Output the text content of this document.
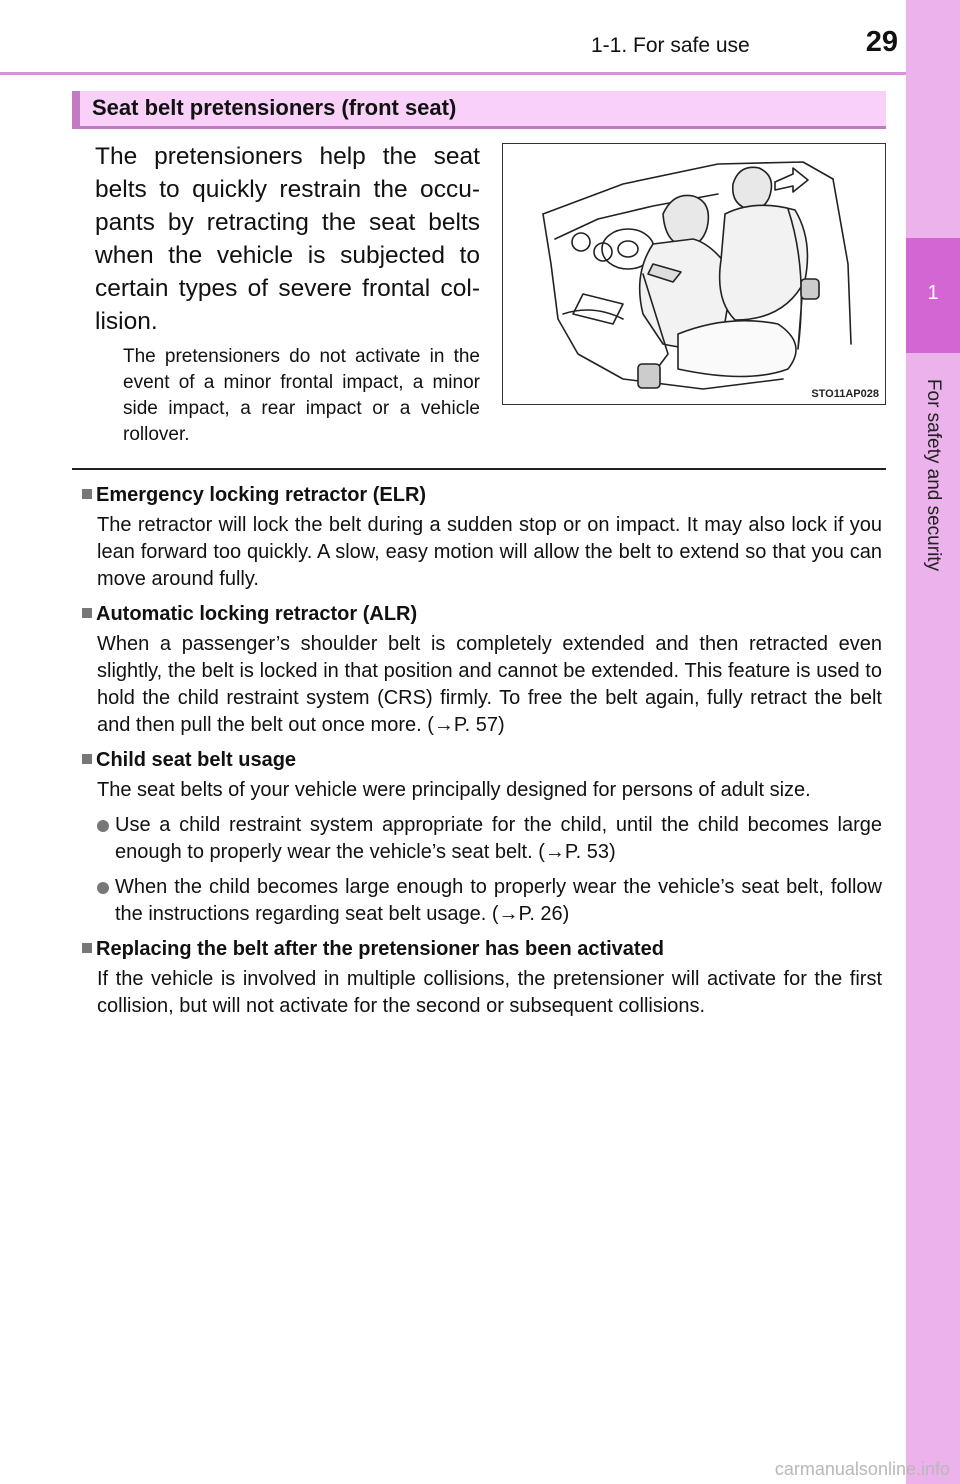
1
For safety and security
1-1. For safe use	29
Seat belt pretensioners (front seat)
The pretensioners help the seat belts to quickly restrain the occupants by retracting the seat belts when the vehicle is subjected to certain types of severe frontal collision.
The pretensioners do not activate in the event of a minor frontal impact, a minor side impact, a rear impact or a vehicle rollover.
STO11AP028
Emergency locking retractor (ELR)
The retractor will lock the belt during a sudden stop or on impact. It may also lock if you lean forward too quickly. A slow, easy motion will allow the belt to extend so that you can move around fully.
Automatic locking retractor (ALR)
When a passenger’s shoulder belt is completely extended and then retracted even slightly, the belt is locked in that position and cannot be extended. This feature is used to hold the child restraint system (CRS) firmly. To free the belt again, fully retract the belt and then pull the belt out once more. (→P. 57)
Child seat belt usage
The seat belts of your vehicle were principally designed for persons of adult size.
Use a child restraint system appropriate for the child, until the child becomes large enough to properly wear the vehicle’s seat belt. (→P. 53)
When the child becomes large enough to properly wear the vehicle’s seat belt, follow the instructions regarding seat belt usage. (→P. 26)
Replacing the belt after the pretensioner has been activated
If the vehicle is involved in multiple collisions, the pretensioner will activate for the first collision, but will not activate for the second or subsequent collisions.
carmanualsonline.info
